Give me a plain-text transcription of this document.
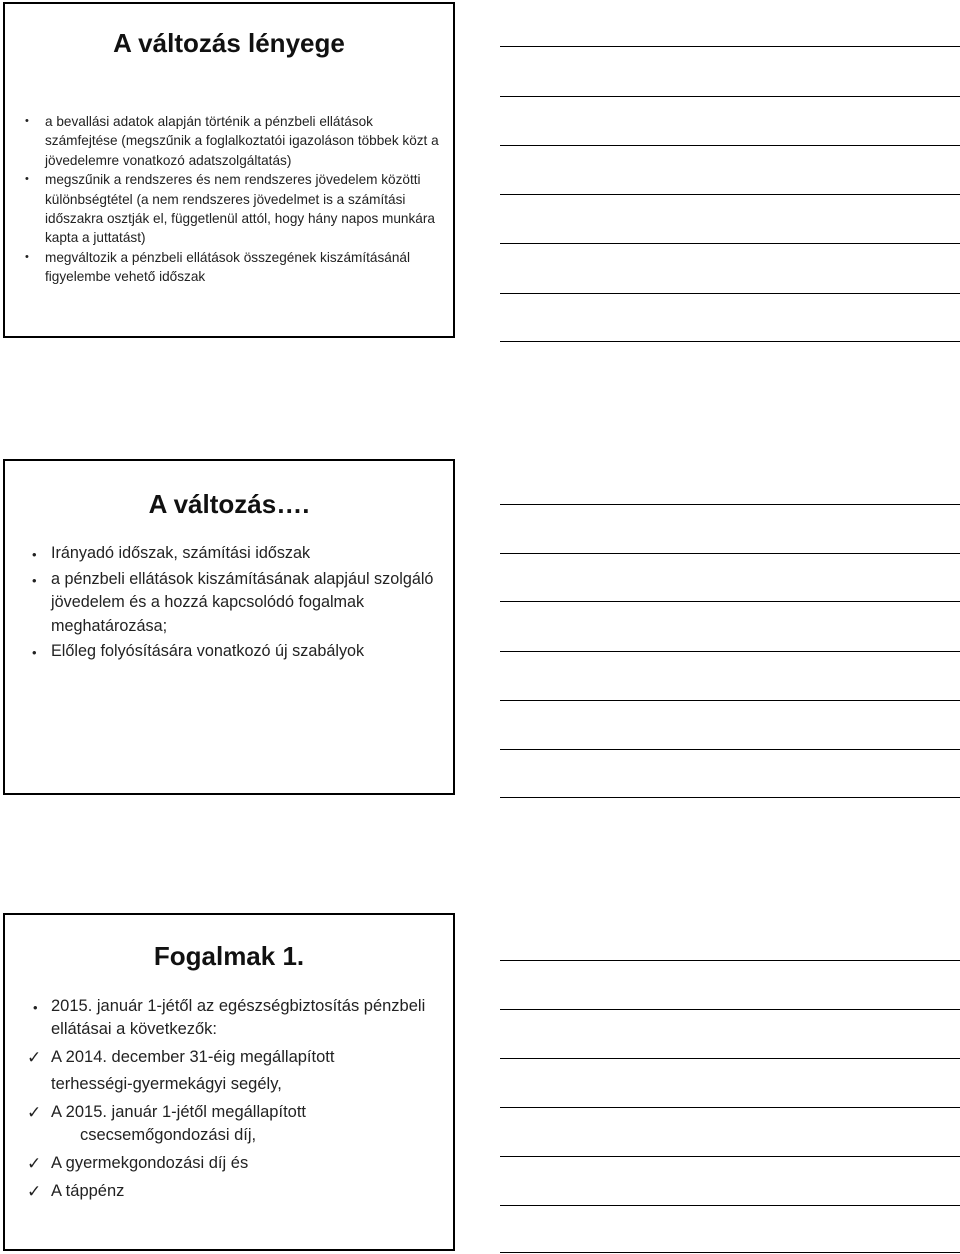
A változás lényege
• a bevallási adatok alapján történik a pénzbeli ellátások számfejtése (megszűnik a foglalkoztatói igazoláson többek közt a jövedelemre vonatkozó adatszolgáltatás)
• megszűnik a rendszeres és nem rendszeres jövedelem közötti különbségtétel (a nem rendszeres jövedelmet is a számítási időszakra osztják el, függetlenül attól, hogy hány napos munkára kapta a juttatást)
• megváltozik a pénzbeli ellátások összegének kiszámításánál figyelembe vehető időszak
A változás….
• Irányadó időszak, számítási időszak
• a pénzbeli ellátások kiszámításának alapjául szolgáló jövedelem és a hozzá kapcsolódó fogalmak meghatározása;
• Előleg folyósítására vonatkozó új szabályok
Fogalmak 1.
• 2015. január 1-jétől az egészségbiztosítás pénzbeli ellátásai a következők:
✓ A 2014. december 31-éig megállapított
terhességi-gyermekágyi segély,
✓ A 2015. január 1-jétől megállapított
csecsemőgondozási díj,
✓ A gyermekgondozási díj és
✓ A táppénz
